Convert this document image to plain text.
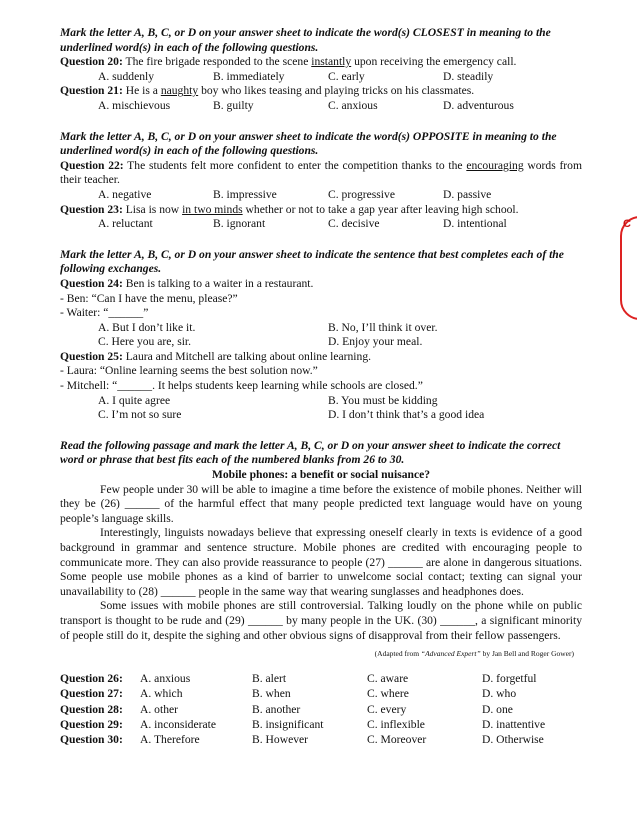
Mark the letter A, B, C, or D on your answer sheet to indicate the word(s) CLOSEST in meaning to the underlined word(s) in each of the following questions.
Question 20: The fire brigade responded to the scene instantly upon receiving the emergency call.
A. suddenly	B. immediately	C. early	D. steadily
Question 21: He is a naughty boy who likes teasing and playing tricks on his classmates.
A. mischievous	B. guilty	C. anxious	D. adventurous
Mark the letter A, B, C, or D on your answer sheet to indicate the word(s) OPPOSITE in meaning to the underlined word(s) in each of the following questions.
Question 22: The students felt more confident to enter the competition thanks to the encouraging words from their teacher.
A. negative	B. impressive	C. progressive	D. passive
Question 23: Lisa is now in two minds whether or not to take a gap year after leaving high school.
A. reluctant	B. ignorant	C. decisive	D. intentional
Mark the letter A, B, C, or D on your answer sheet to indicate the sentence that best completes each of the following exchanges.
Question 24: Ben is talking to a waiter in a restaurant.
- Ben: “Can I have the menu, please?”
- Waiter: “______”
A. But I don’t like it.	B. No, I’ll think it over.
C. Here you are, sir.	D. Enjoy your meal.
Question 25: Laura and Mitchell are talking about online learning.
- Laura: “Online learning seems the best solution now.”
- Mitchell: “______. It helps students keep learning while schools are closed.”
A. I quite agree	B. You must be kidding
C. I’m not so sure	D. I don’t think that’s a good idea
Read the following passage and mark the letter A, B, C, or D on your answer sheet to indicate the correct word or phrase that best fits each of the numbered blanks from 26 to 30.
Mobile phones: a benefit or social nuisance?
Few people under 30 will be able to imagine a time before the existence of mobile phones. Neither will they be (26) ______ of the harmful effect that many people predicted text language would have on young people’s language skills.
Interestingly, linguists nowadays believe that expressing oneself clearly in texts is evidence of a good background in grammar and sentence structure. Mobile phones are credited with encouraging people to communicate more. They can also provide reassurance to people (27) ______ are alone in dangerous situations. Some people use mobile phones as a kind of barrier to unwelcome social contact; texting can signal your unavailability to (28) ______ people in the same way that wearing sunglasses and headphones does.
Some issues with mobile phones are still controversial. Talking loudly on the phone while on public transport is thought to be rude and (29) ______ by many people in the UK. (30) ______, a significant minority of people still do it, despite the sighing and other obvious signs of disapproval from their fellow passengers.
(Adapted from “Advanced Expert” by Jan Bell and Roger Gower)
Question 26:	A. anxious	B. alert	C. aware	D. forgetful
Question 27:	A. which	B. when	C. where	D. who
Question 28:	A. other	B. another	C. every	D. one
Question 29:	A. inconsiderate	B. insignificant	C. inflexible	D. inattentive
Question 30:	A. Therefore	B. However	C. Moreover	D. Otherwise
C
